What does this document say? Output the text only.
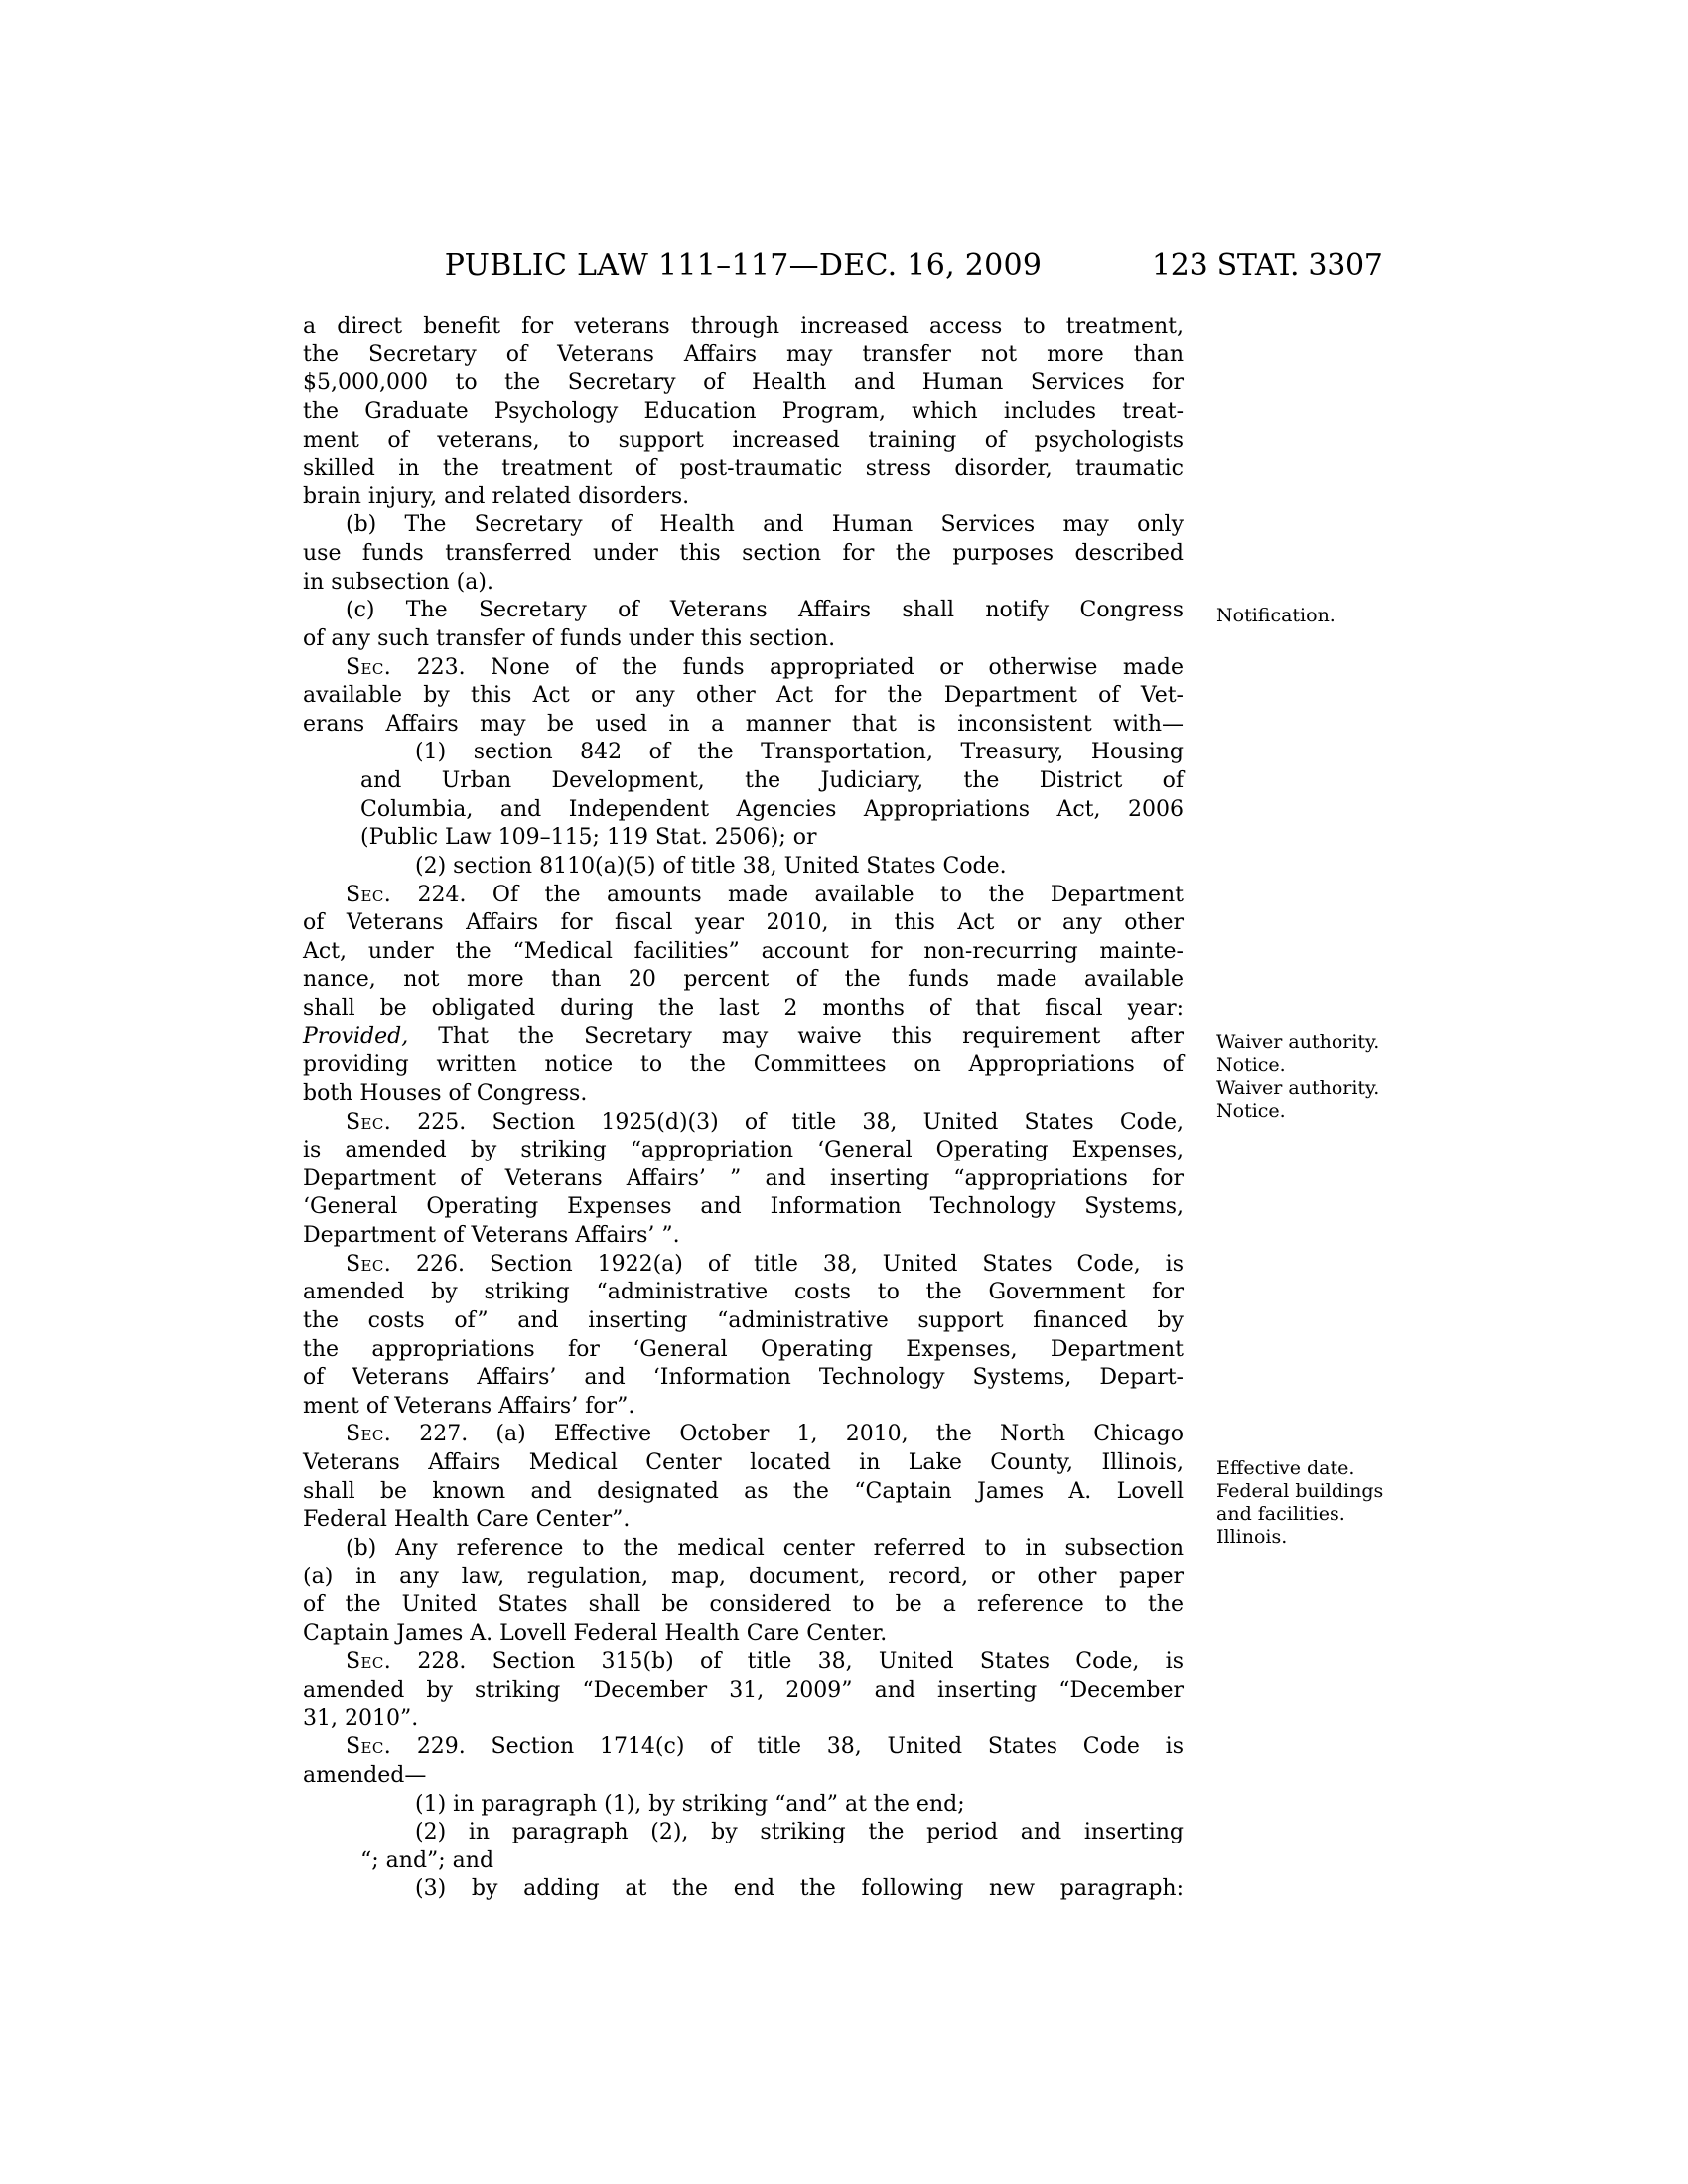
PUBLIC LAW 111–117—DEC. 16, 2009	123 STAT. 3307
a direct benefit for veterans through increased access to treatment,
the Secretary of Veterans Affairs may transfer not more than
$5,000,000 to the Secretary of Health and Human Services for
the Graduate Psychology Education Program, which includes treat-
ment of veterans, to support increased training of psychologists
skilled in the treatment of post-traumatic stress disorder, traumatic
brain injury, and related disorders.
(b) The Secretary of Health and Human Services may only
use funds transferred under this section for the purposes described
in subsection (a).
(c) The Secretary of Veterans Affairs shall notify Congress
of any such transfer of funds under this section.
Sec. 223. None of the funds appropriated or otherwise made
available by this Act or any other Act for the Department of Vet-
erans Affairs may be used in a manner that is inconsistent with—
(1) section 842 of the Transportation, Treasury, Housing
and Urban Development, the Judiciary, the District of
Columbia, and Independent Agencies Appropriations Act, 2006
(Public Law 109–115; 119 Stat. 2506); or
(2) section 8110(a)(5) of title 38, United States Code.
Sec. 224. Of the amounts made available to the Department
of Veterans Affairs for fiscal year 2010, in this Act or any other
Act, under the “Medical facilities” account for non-recurring mainte-
nance, not more than 20 percent of the funds made available
shall be obligated during the last 2 months of that fiscal year:
Provided, That the Secretary may waive this requirement after
providing written notice to the Committees on Appropriations of
both Houses of Congress.
Sec. 225. Section 1925(d)(3) of title 38, United States Code,
is amended by striking “appropriation ‘General Operating Expenses,
Department of Veterans Affairs’ ” and inserting “appropriations for
‘General Operating Expenses and Information Technology Systems,
Department of Veterans Affairs’ ”.
Sec. 226. Section 1922(a) of title 38, United States Code, is
amended by striking “administrative costs to the Government for
the costs of” and inserting “administrative support financed by
the appropriations for ‘General Operating Expenses, Department
of Veterans Affairs’ and ‘Information Technology Systems, Depart-
ment of Veterans Affairs’ for”.
Sec. 227. (a) Effective October 1, 2010, the North Chicago
Veterans Affairs Medical Center located in Lake County, Illinois,
shall be known and designated as the “Captain James A. Lovell
Federal Health Care Center”.
(b) Any reference to the medical center referred to in subsection
(a) in any law, regulation, map, document, record, or other paper
of the United States shall be considered to be a reference to the
Captain James A. Lovell Federal Health Care Center.
Sec. 228. Section 315(b) of title 38, United States Code, is
amended by striking “December 31, 2009” and inserting “December
31, 2010”.
Sec. 229. Section 1714(c) of title 38, United States Code is
amended—
(1) in paragraph (1), by striking “and” at the end;
(2) in paragraph (2), by striking the period and inserting
“; and”; and
(3) by adding at the end the following new paragraph:
Notification.
Waiver authority.
Notice.
Waiver authority.
Notice.
Effective date.
Federal buildings
and facilities.
Illinois.
